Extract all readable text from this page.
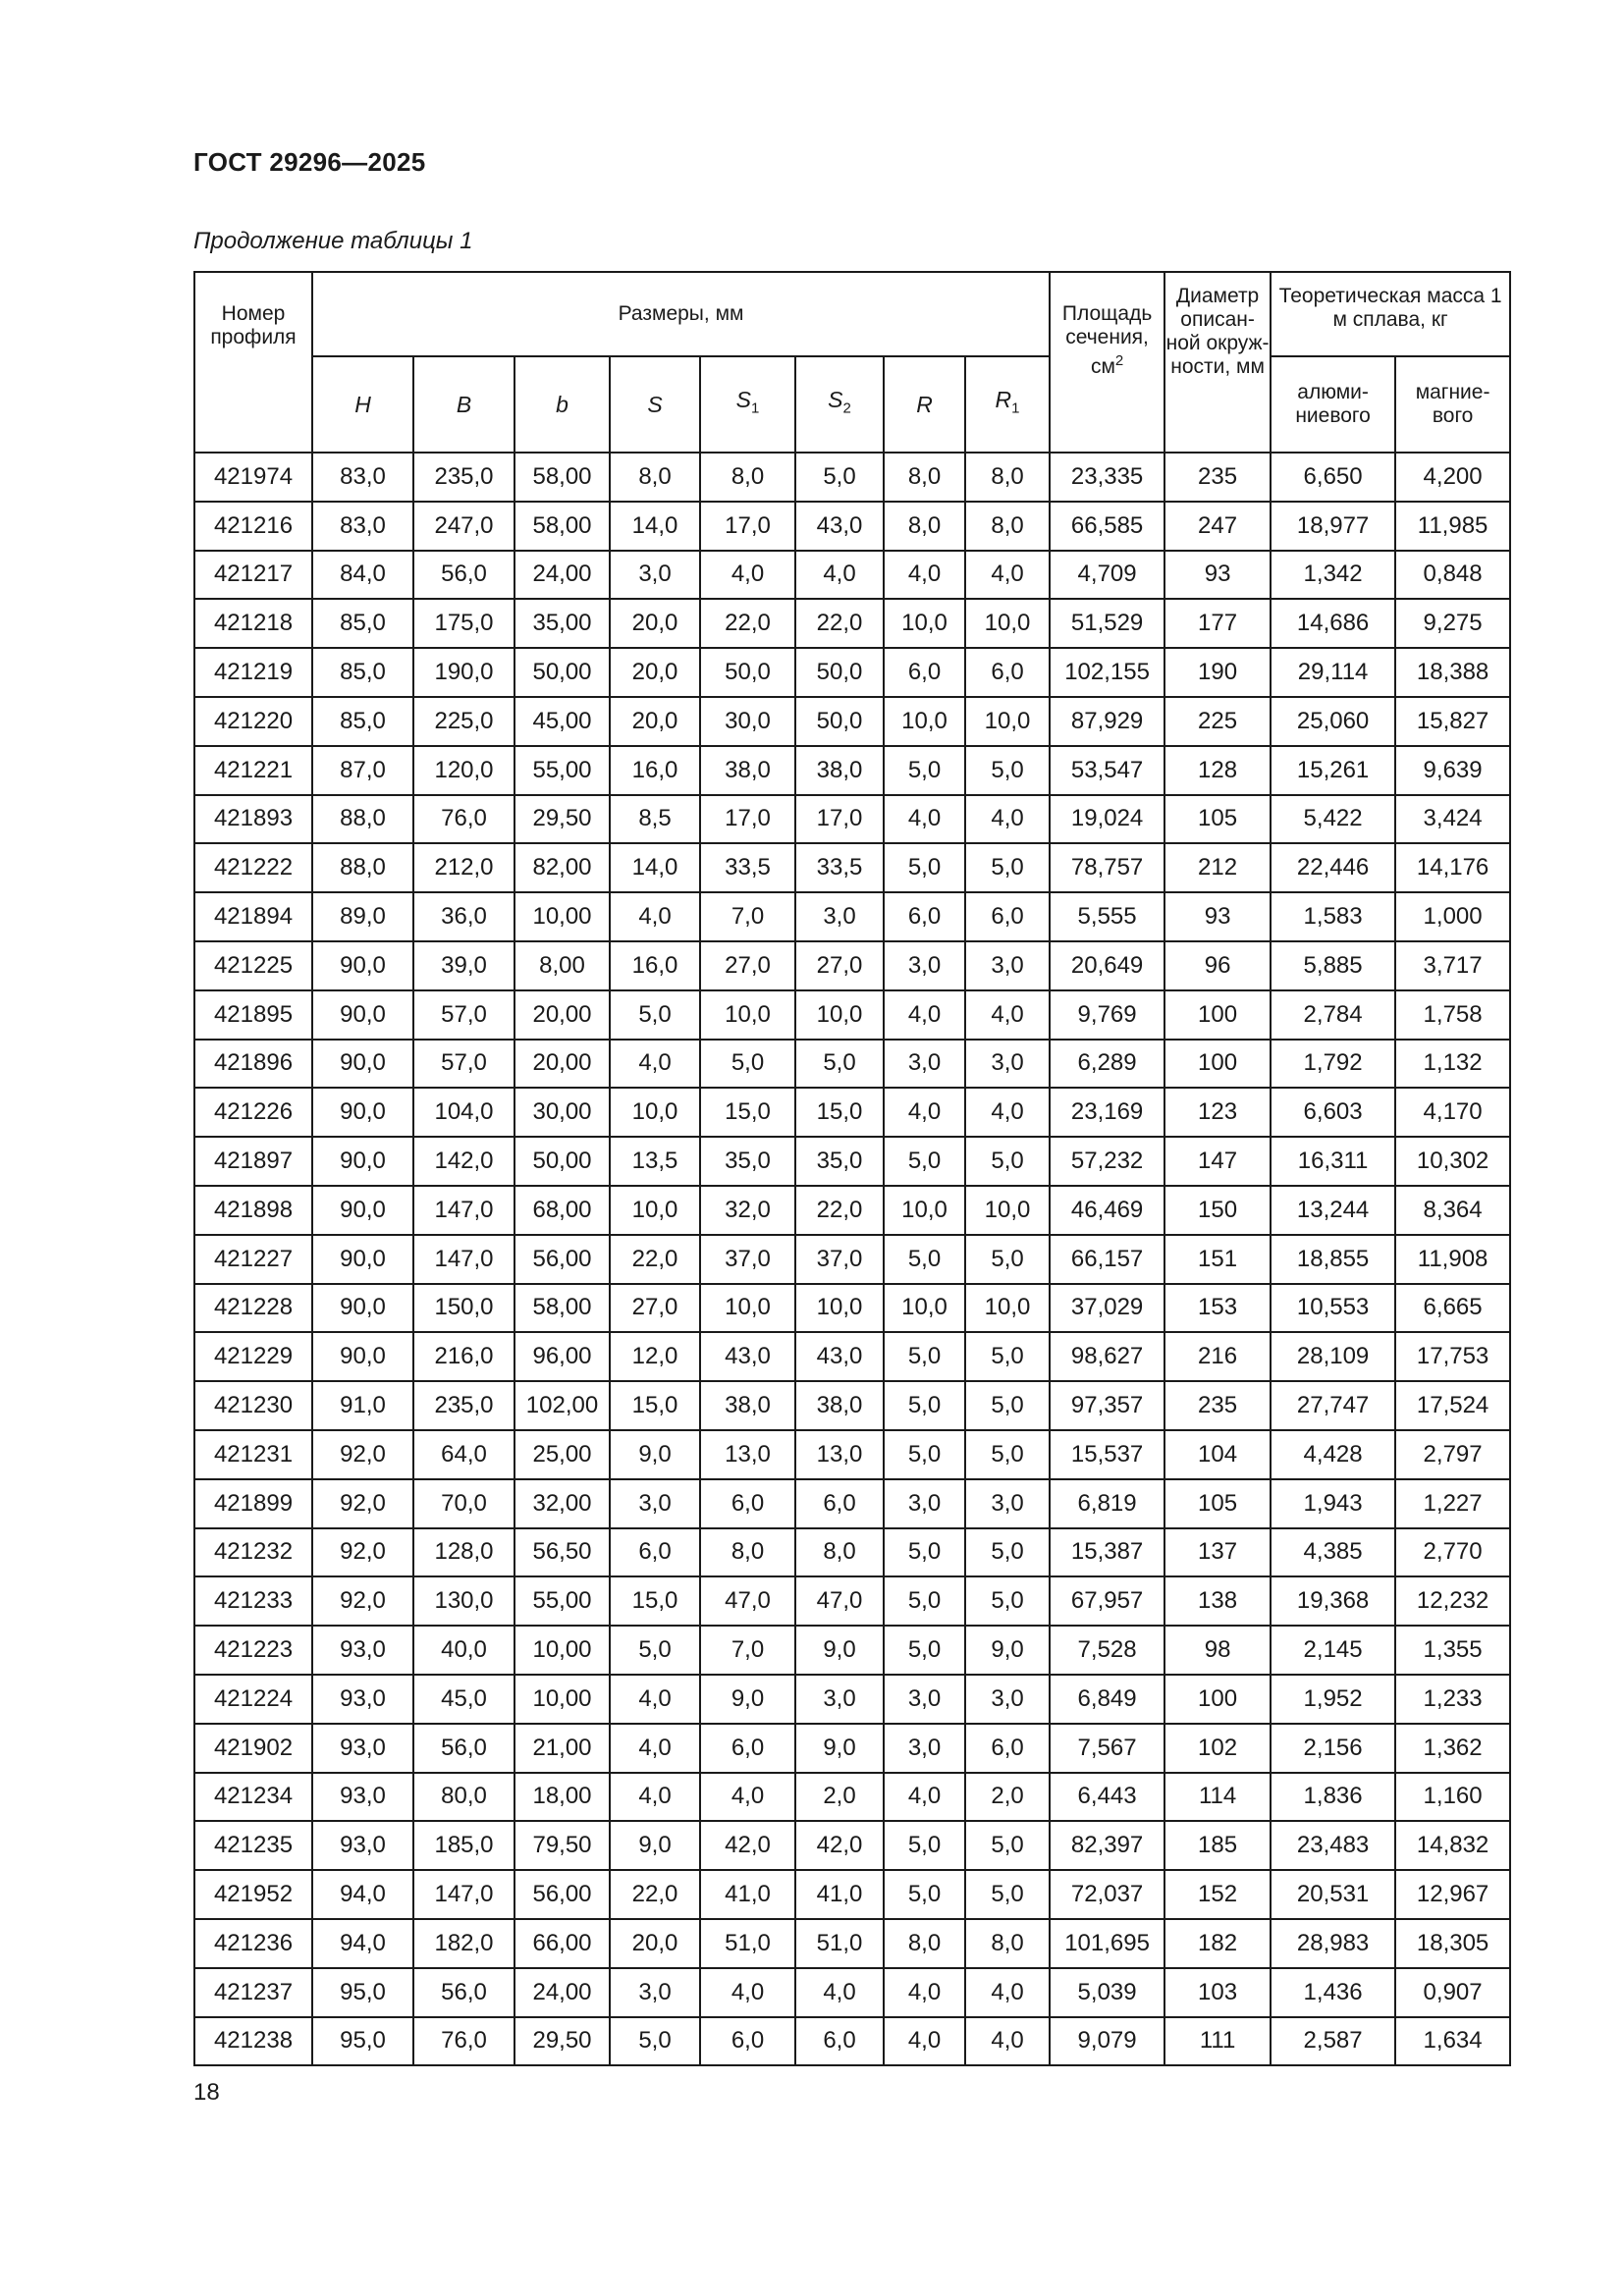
ГОСТ 29296—2025
Продолжение таблицы 1
Номер профиля	Размеры, мм								Площадь сечения, $см^2$	Диаметр описан-ной окруж-ности, мм	Теоретическая масса 1 м сплава, кг	
	H	B	b	S	$S_1$	$S_2$	R	$R_1$			алюми-ниевого	магние-вого
421974	83,0	235,0	58,00	8,0	8,0	5,0	8,0	8,0	23,335	235	6,650	4,200
421216	83,0	247,0	58,00	14,0	17,0	43,0	8,0	8,0	66,585	247	18,977	11,985
421217	84,0	56,0	24,00	3,0	4,0	4,0	4,0	4,0	4,709	93	1,342	0,848
421218	85,0	175,0	35,00	20,0	22,0	22,0	10,0	10,0	51,529	177	14,686	9,275
421219	85,0	190,0	50,00	20,0	50,0	50,0	6,0	6,0	102,155	190	29,114	18,388
421220	85,0	225,0	45,00	20,0	30,0	50,0	10,0	10,0	87,929	225	25,060	15,827
421221	87,0	120,0	55,00	16,0	38,0	38,0	5,0	5,0	53,547	128	15,261	9,639
421893	88,0	76,0	29,50	8,5	17,0	17,0	4,0	4,0	19,024	105	5,422	3,424
421222	88,0	212,0	82,00	14,0	33,5	33,5	5,0	5,0	78,757	212	22,446	14,176
421894	89,0	36,0	10,00	4,0	7,0	3,0	6,0	6,0	5,555	93	1,583	1,000
421225	90,0	39,0	8,00	16,0	27,0	27,0	3,0	3,0	20,649	96	5,885	3,717
421895	90,0	57,0	20,00	5,0	10,0	10,0	4,0	4,0	9,769	100	2,784	1,758
421896	90,0	57,0	20,00	4,0	5,0	5,0	3,0	3,0	6,289	100	1,792	1,132
421226	90,0	104,0	30,00	10,0	15,0	15,0	4,0	4,0	23,169	123	6,603	4,170
421897	90,0	142,0	50,00	13,5	35,0	35,0	5,0	5,0	57,232	147	16,311	10,302
421898	90,0	147,0	68,00	10,0	32,0	22,0	10,0	10,0	46,469	150	13,244	8,364
421227	90,0	147,0	56,00	22,0	37,0	37,0	5,0	5,0	66,157	151	18,855	11,908
421228	90,0	150,0	58,00	27,0	10,0	10,0	10,0	10,0	37,029	153	10,553	6,665
421229	90,0	216,0	96,00	12,0	43,0	43,0	5,0	5,0	98,627	216	28,109	17,753
421230	91,0	235,0	102,00	15,0	38,0	38,0	5,0	5,0	97,357	235	27,747	17,524
421231	92,0	64,0	25,00	9,0	13,0	13,0	5,0	5,0	15,537	104	4,428	2,797
421899	92,0	70,0	32,00	3,0	6,0	6,0	3,0	3,0	6,819	105	1,943	1,227
421232	92,0	128,0	56,50	6,0	8,0	8,0	5,0	5,0	15,387	137	4,385	2,770
421233	92,0	130,0	55,00	15,0	47,0	47,0	5,0	5,0	67,957	138	19,368	12,232
421223	93,0	40,0	10,00	5,0	7,0	9,0	5,0	9,0	7,528	98	2,145	1,355
421224	93,0	45,0	10,00	4,0	9,0	3,0	3,0	3,0	6,849	100	1,952	1,233
421902	93,0	56,0	21,00	4,0	6,0	9,0	3,0	6,0	7,567	102	2,156	1,362
421234	93,0	80,0	18,00	4,0	4,0	2,0	4,0	2,0	6,443	114	1,836	1,160
421235	93,0	185,0	79,50	9,0	42,0	42,0	5,0	5,0	82,397	185	23,483	14,832
421952	94,0	147,0	56,00	22,0	41,0	41,0	5,0	5,0	72,037	152	20,531	12,967
421236	94,0	182,0	66,00	20,0	51,0	51,0	8,0	8,0	101,695	182	28,983	18,305
421237	95,0	56,0	24,00	3,0	4,0	4,0	4,0	4,0	5,039	103	1,436	0,907
421238	95,0	76,0	29,50	5,0	6,0	6,0	4,0	4,0	9,079	111	2,587	1,634
18
